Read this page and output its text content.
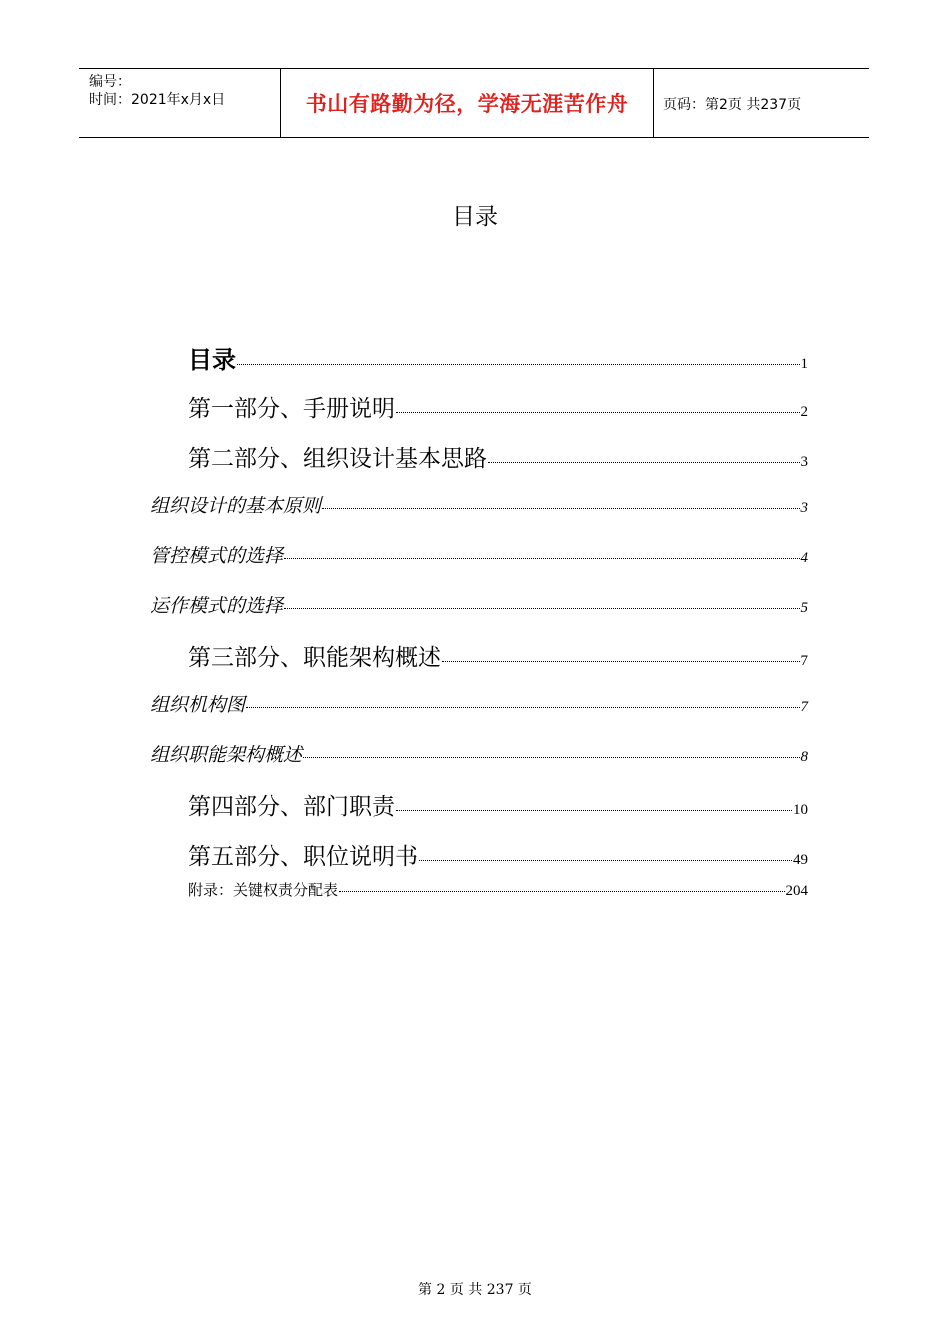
编号：
时间：2021年x月x日	书山有路勤为径，学海无涯苦作舟	页码：第2页 共237页
目录
目录	1
第一部分、手册说明	2
第二部分、组织设计基本思路	3
组织设计的基本原则	3
管控模式的选择	4
运作模式的选择	5
第三部分、职能架构概述	7
组织机构图	7
组织职能架构概述	8
第四部分、部门职责	10
第五部分、职位说明书	49
附录：关键权责分配表	204
第 2 页 共 237 页
